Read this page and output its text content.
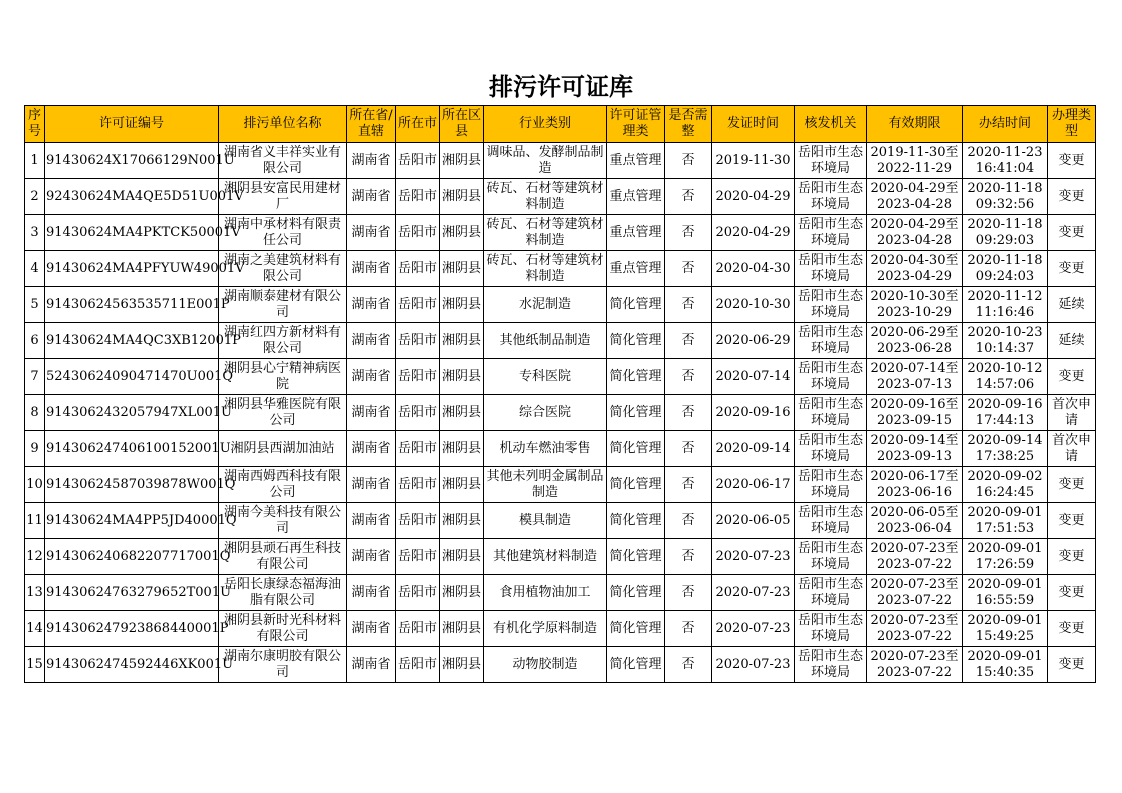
排污许可证库
序号	许可证编号	排污单位名称	所在省/直辖	所在市	所在区县	行业类别	许可证管理类	是否需整	发证时间	核发机关	有效期限	办结时间	办理类型
1	91430624X17066129N001U	湖南省义丰祥实业有限公司	湖南省	岳阳市	湘阴县	调味品、发酵制品制造	重点管理	否	2019-11-30	岳阳市生态环境局	2019-11-30至2022-11-29	2020-11-23 16:41:04	变更
2	92430624MA4QE5D51U001V	湘阴县安富民用建材厂	湖南省	岳阳市	湘阴县	砖瓦、石材等建筑材料制造	重点管理	否	2020-04-29	岳阳市生态环境局	2020-04-29至2023-04-28	2020-11-18 09:32:56	变更
3	91430624MA4PKTCK50001V	湖南中承材料有限责任公司	湖南省	岳阳市	湘阴县	砖瓦、石材等建筑材料制造	重点管理	否	2020-04-29	岳阳市生态环境局	2020-04-29至2023-04-28	2020-11-18 09:29:03	变更
4	91430624MA4PFYUW49001V	湖南之美建筑材料有限公司	湖南省	岳阳市	湘阴县	砖瓦、石材等建筑材料制造	重点管理	否	2020-04-30	岳阳市生态环境局	2020-04-30至2023-04-29	2020-11-18 09:24:03	变更
5	91430624563535711E001P	湖南顺泰建材有限公司	湖南省	岳阳市	湘阴县	水泥制造	简化管理	否	2020-10-30	岳阳市生态环境局	2020-10-30至2023-10-29	2020-11-12 11:16:46	延续
6	91430624MA4QC3XB12001P	湖南红四方新材料有限公司	湖南省	岳阳市	湘阴县	其他纸制品制造	简化管理	否	2020-06-29	岳阳市生态环境局	2020-06-29至2023-06-28	2020-10-23 10:14:37	延续
7	52430624090471470U001Q	湘阴县心宁精神病医院	湖南省	岳阳市	湘阴县	专科医院	简化管理	否	2020-07-14	岳阳市生态环境局	2020-07-14至2023-07-13	2020-10-12 14:57:06	变更
8	9143062432057947XL001U	湘阴县华雅医院有限公司	湖南省	岳阳市	湘阴县	综合医院	简化管理	否	2020-09-16	岳阳市生态环境局	2020-09-16至2023-09-15	2020-09-16 17:44:13	首次申请
9	914306247406100152001U	湘阴县西湖加油站	湖南省	岳阳市	湘阴县	机动车燃油零售	简化管理	否	2020-09-14	岳阳市生态环境局	2020-09-14至2023-09-13	2020-09-14 17:38:25	首次申请
10	91430624587039878W001Q	湖南西姆西科技有限公司	湖南省	岳阳市	湘阴县	其他未列明金属制品制造	简化管理	否	2020-06-17	岳阳市生态环境局	2020-06-17至2023-06-16	2020-09-02 16:24:45	变更
11	91430624MA4PP5JD40001Q	湖南今美科技有限公司	湖南省	岳阳市	湘阴县	模具制造	简化管理	否	2020-06-05	岳阳市生态环境局	2020-06-05至2023-06-04	2020-09-01 17:51:53	变更
12	914306240682207717001Q	湘阴县顽石再生科技有限公司	湖南省	岳阳市	湘阴县	其他建筑材料制造	简化管理	否	2020-07-23	岳阳市生态环境局	2020-07-23至2023-07-22	2020-09-01 17:26:59	变更
13	91430624763279652T001U	岳阳长康绿态福海油脂有限公司	湖南省	岳阳市	湘阴县	食用植物油加工	简化管理	否	2020-07-23	岳阳市生态环境局	2020-07-23至2023-07-22	2020-09-01 16:55:59	变更
14	914306247923868440001P	湘阴县新时光科材料有限公司	湖南省	岳阳市	湘阴县	有机化学原料制造	简化管理	否	2020-07-23	岳阳市生态环境局	2020-07-23至2023-07-22	2020-09-01 15:49:25	变更
15	9143062474592446XK001U	湖南尔康明胶有限公司	湖南省	岳阳市	湘阴县	动物胶制造	简化管理	否	2020-07-23	岳阳市生态环境局	2020-07-23至2023-07-22	2020-09-01 15:40:35	变更
